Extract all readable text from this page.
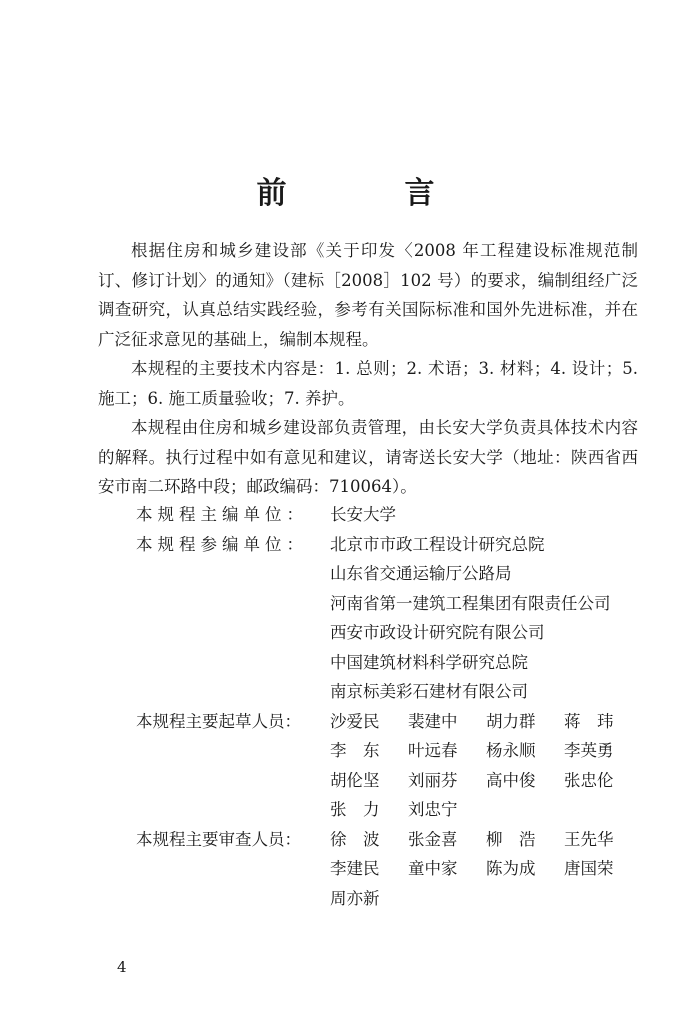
前　言

根据住房和城乡建设部《关于印发〈2008 年工程建设标准规范制订、修订计划〉的通知》（建标［2008］102 号）的要求，编制组经广泛调查研究，认真总结实践经验，参考有关国际标准和国外先进标准，并在广泛征求意见的基础上，编制本规程。

本规程的主要技术内容是：1. 总则；2. 术语；3. 材料；4. 设计；5. 施工；6. 施工质量验收；7. 养护。

本规程由住房和城乡建设部负责管理，由长安大学负责具体技术内容的解释。执行过程中如有意见和建议，请寄送长安大学（地址：陕西省西安市南二环路中段；邮政编码：710064）。

本规程主编单位：	长安大学
本规程参编单位：	北京市市政工程设计研究总院
山东省交通运输厅公路局
河南省第一建筑工程集团有限责任公司
西安市政设计研究院有限公司
中国建筑材料科学研究总院
南京标美彩石建材有限公司
本规程主要起草人员：	沙爱民	裴建中	胡力群	蒋　玮
李　东	叶远春	杨永顺	李英勇
胡伦坚	刘丽芬	高中俊	张忠伦
张　力	刘忠宁
本规程主要审查人员：	徐　波	张金喜	柳　浩	王先华
李建民	童中家	陈为成	唐国荣
周亦新
4
